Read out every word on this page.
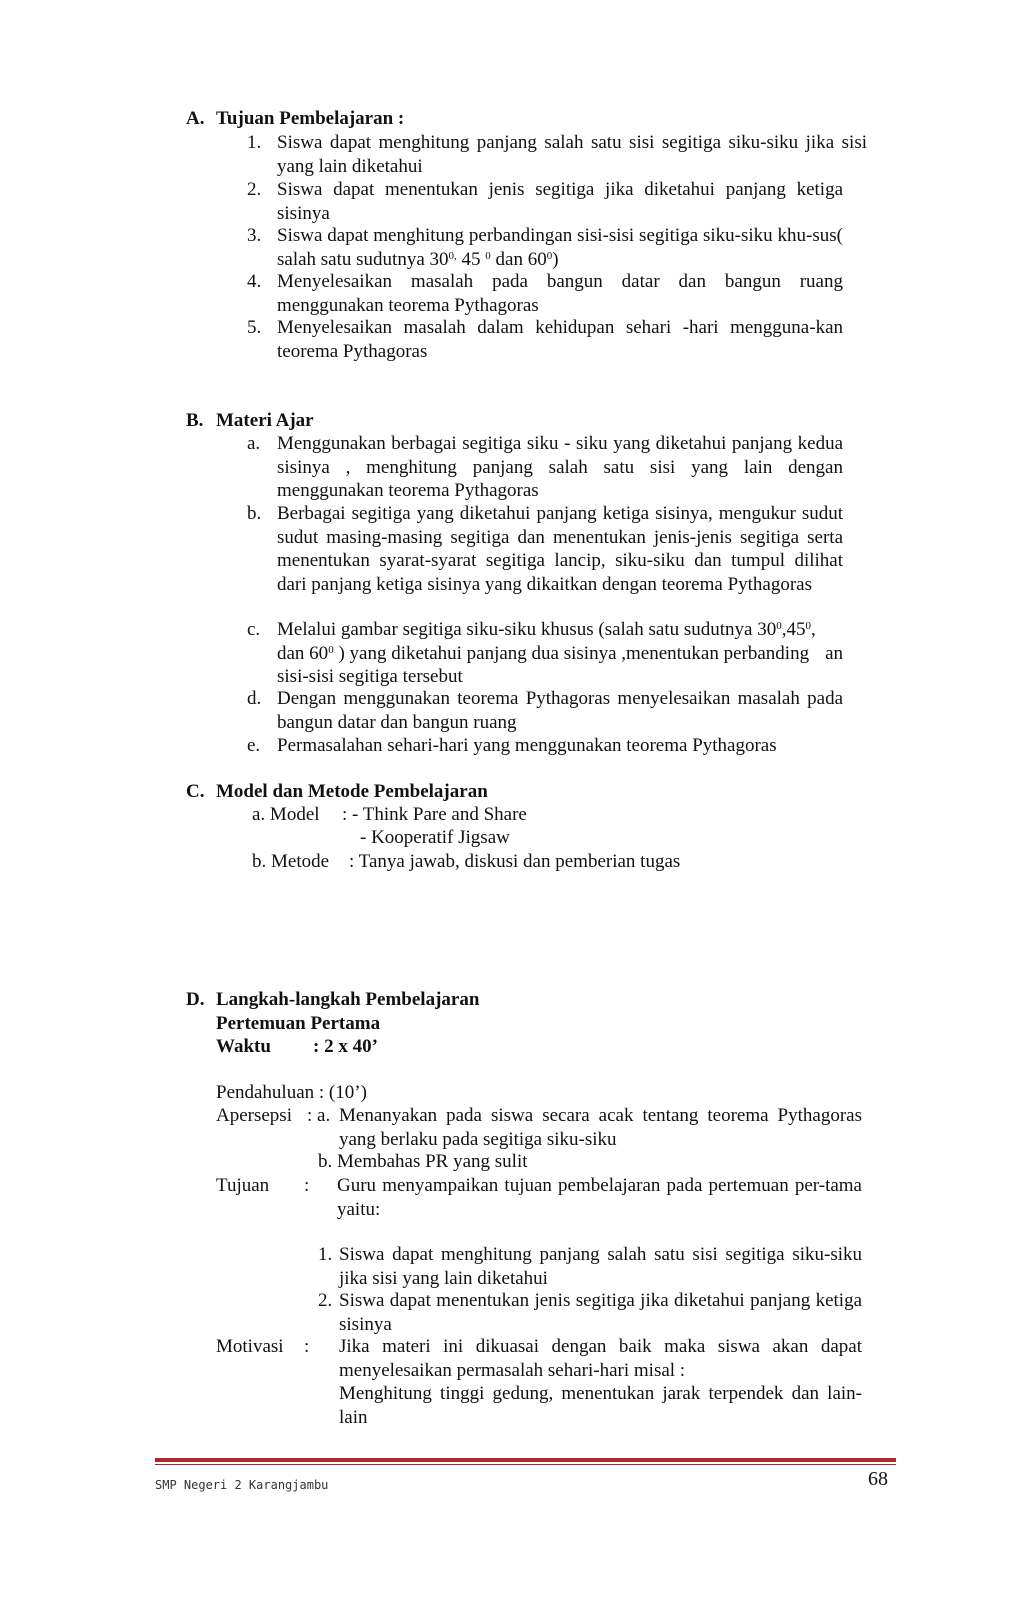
A. Tujuan Pembelajaran :
1. Siswa dapat menghitung panjang salah satu sisi segitiga siku-siku jika sisi yang lain diketahui
2. Siswa dapat menentukan jenis segitiga jika diketahui panjang ketiga sisinya
3. Siswa dapat menghitung perbandingan sisi-sisi segitiga siku-siku khu-sus( salah satu sudutnya $30^{0,}$ 45 $^0$ dan $60^0$)
4. Menyelesaikan masalah pada bangun datar dan bangun ruang menggunakan teorema Pythagoras
5. Menyelesaikan masalah dalam kehidupan sehari -hari mengguna-kan teorema Pythagoras
B. Materi Ajar
a. Menggunakan berbagai segitiga siku - siku yang diketahui panjang kedua sisinya , menghitung panjang salah satu sisi yang lain dengan menggunakan teorema Pythagoras
b. Berbagai segitiga yang diketahui panjang ketiga sisinya, mengukur sudut sudut masing-masing segitiga dan menentukan jenis-jenis segitiga serta menentukan syarat-syarat segitiga lancip, siku-siku dan tumpul dilihat dari panjang ketiga sisinya yang dikaitkan dengan teorema Pythagoras
c. Melalui gambar segitiga siku-siku khusus (salah satu sudutnya $30^0,45^0$,
dan $60^0$ ) yang diketahui panjang dua sisinya ,menentukan perbanding an
sisi-sisi segitiga tersebut
d. Dengan menggunakan teorema Pythagoras menyelesaikan masalah pada bangun datar dan bangun ruang
e. Permasalahan sehari-hari yang menggunakan teorema Pythagoras
C. Model dan Metode Pembelajaran
a. Model : - Think Pare and Share
- Kooperatif Jigsaw
b. Metode : Tanya jawab, diskusi dan pemberian tugas
D. Langkah-langkah Pembelajaran
Pertemuan Pertama
Waktu : 2 x 40’
Pendahuluan : (10’)
Apersepsi : a. Menanyakan pada siswa secara acak tentang teorema Pythagoras yang berlaku pada segitiga siku-siku
b. Membahas PR yang sulit
Tujuan : Guru menyampaikan tujuan pembelajaran pada pertemuan per-tama yaitu:
1. Siswa dapat menghitung panjang salah satu sisi segitiga siku-siku jika sisi yang lain diketahui
2. Siswa dapat menentukan jenis segitiga jika diketahui panjang ketiga sisinya
Motivasi : Jika materi ini dikuasai dengan baik maka siswa akan dapat menyelesaikan permasalah sehari-hari misal :
Menghitung tinggi gedung, menentukan jarak terpendek dan lain-lain
SMP Negeri 2 Karangjambu	68
